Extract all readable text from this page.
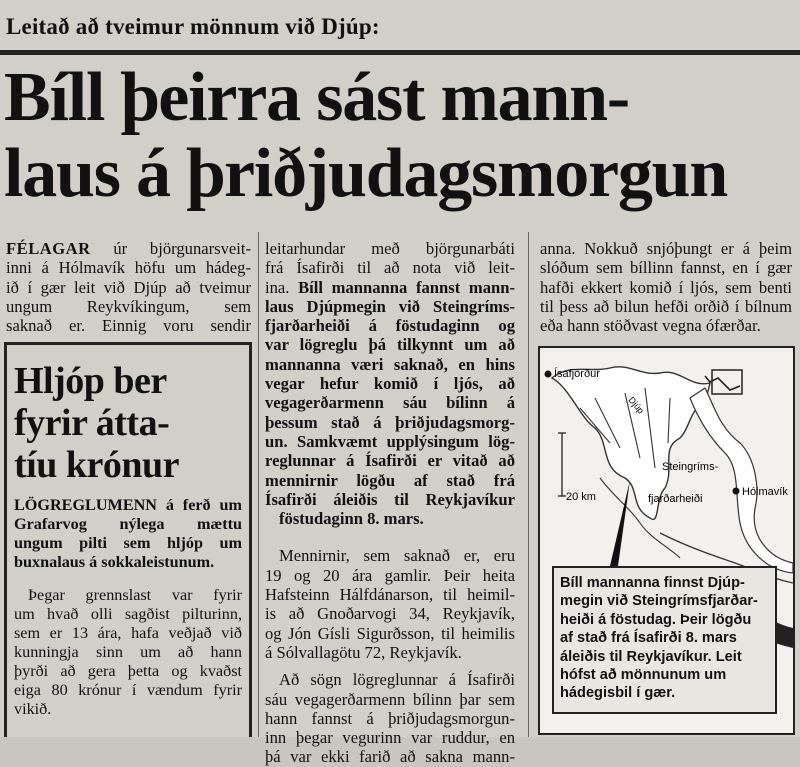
Leitað að tveimur mönnum við Djúp:
Bíll þeirra sást mann-
laus á þriðjudagsmorgun
FÉLAGAR úr björgunarsveit-
inni á Hólmavík höfu um hádeg-
ið í gær leit við Djúp að tveimur
ungum Reykvíkingum, sem
saknað er. Einnig voru sendir
Hljóp ber
fyrir átta-
tíu krónur

LÖGREGLUMENN á ferð um
Grafarvog nýlega mættu
ungum pilti sem hljóp um
buxnalaus á sokkaleistunum.

Þegar grennslast var fyrir
um hvað olli sagðist pilturinn,
sem er 13 ára, hafa veðjað við
kunningja sinn um að hann
þyrði að gera þetta og kvaðst
eiga 80 krónur í vændum fyrir
vikið.

leitarhundar með björgunarbáti
frá Ísafirði til að nota við leit-
ina. Bíll mannanna fannst mann-
laus Djúpmegin við Steingríms-
fjarðarheiði á föstudaginn og
var lögreglu þá tilkynnt um að
mannanna væri saknað, en hins
vegar hefur komið í ljós, að
vegagerðarmenn sáu bílinn á
þessum stað á þriðjudagsmorg-
un. Samkvæmt upplýsingum lög-
reglunnar á Ísafirði er vitað að
mennirnir lögðu af stað frá
Ísafirði áleiðis til Reykjavíkur
föstudaginn 8. mars.
Mennirnir, sem saknað er, eru
19 og 20 ára gamlir. Þeir heita
Hafsteinn Hálfdánarson, til heimil-
is að Gnoðarvogi 34, Reykjavík,
og Jón Gísli Sigurðsson, til heimilis
á Sólvallagötu 72, Reykjavík.
Að sögn lögreglunnar á Ísafirði
sáu vegagerðarmenn bílinn þar sem
hann fannst á þriðjudagsmorgun-
inn þegar vegurinn var ruddur, en
þá var ekki farið að sakna mann-
anna. Nokkuð snjóþungt er á þeim
slóðum sem bíllinn fannst, en í gær
hafði ekkert komið í ljós, sem benti
til þess að bilun hefði orðið í bílnum
eða hann stöðvast vegna ófærðar.
Ísafjörður
Djúp
Steingríms-
fjarðarheiði
Hólmavík
20 km
Bíll mannanna finnst Djúp-
megin við Steingrímsfjarðar-
heiði á föstudag. Þeir lögðu
af stað frá Ísafirði 8. mars
áleiðis til Reykjavíkur. Leit
hófst að mönnunum um
hádegisbil í gær.
